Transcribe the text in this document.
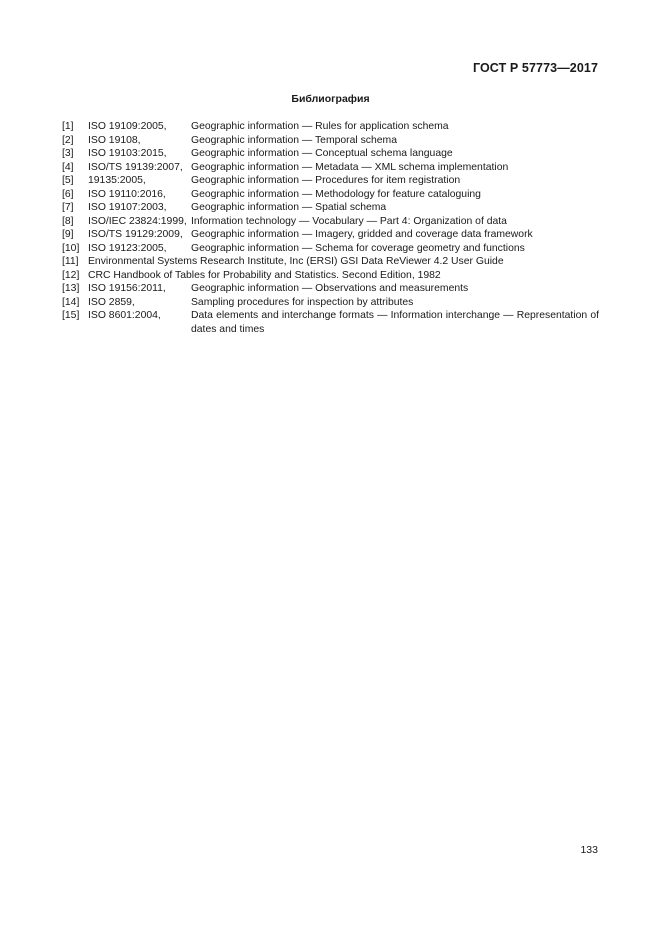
ГОСТ Р 57773—2017
Библиография
[1] ISO 19109:2005, Geographic information — Rules for application schema
[2] ISO 19108,	Geographic information — Temporal schema
[3] ISO 19103:2015, Geographic information — Conceptual schema language
[4] ISO/TS 19139:2007, Geographic information — Metadata — XML schema implementation
[5] 19135:2005,	Geographic information — Procedures for item registration
[6] ISO 19110:2016, Geographic information — Methodology for feature cataloguing
[7] ISO 19107:2003, Geographic information — Spatial schema
[8] ISO/IEC 23824:1999, Information technology — Vocabulary — Part 4: Organization of data
[9] ISO/TS 19129:2009, Geographic information — Imagery, gridded and coverage data framework
[10] ISO 19123:2005, Geographic information — Schema for coverage geometry and functions
[11] Environmental Systems Research Institute, Inc (ERSI) GSI Data ReViewer 4.2 User Guide
[12] CRC Handbook of Tables for Probability and Statistics. Second Edition, 1982
[13] ISO 19156:2011, Geographic information — Observations and measurements
[14] ISO 2859,	Sampling procedures for inspection by attributes
[15] ISO 8601:2004,	Data elements and interchange formats — Information interchange — Representation of dates and times
133
